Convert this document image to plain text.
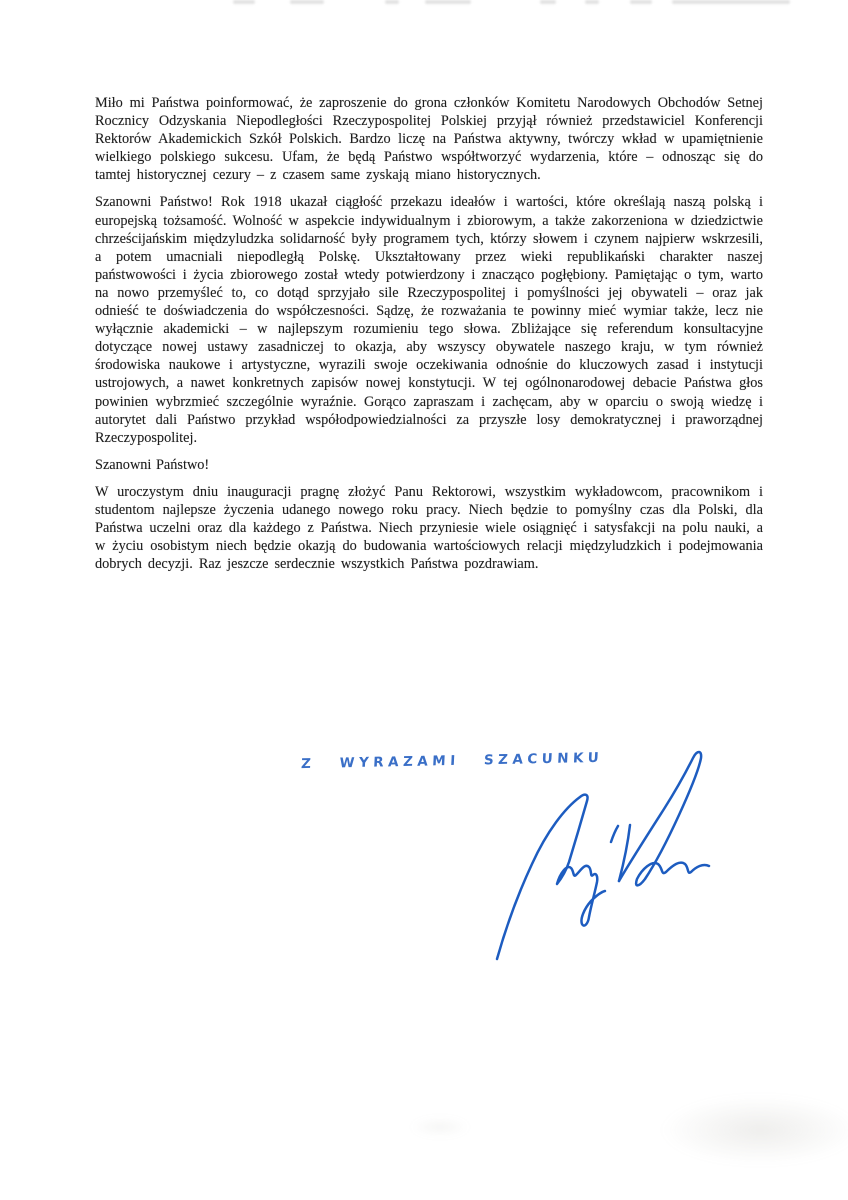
Miło mi Państwa poinformować, że zaproszenie do grona członków Komitetu Narodowych Obchodów Setnej Rocznicy Odzyskania Niepodległości Rzeczypospolitej Polskiej przyjął również przedstawiciel Konferencji Rektorów Akademickich Szkół Polskich. Bardzo liczę na Państwa aktywny, twórczy wkład w upamiętnienie wielkiego polskiego sukcesu. Ufam, że będą Państwo współtworzyć wydarzenia, które – odnosząc się do tamtej historycznej cezury – z czasem same zyskają miano historycznych.

Szanowni Państwo! Rok 1918 ukazał ciągłość przekazu ideałów i wartości, które określają naszą polską i europejską tożsamość. Wolność w aspekcie indywidualnym i zbiorowym, a także zakorzeniona w dziedzictwie chrześcijańskim międzyludzka solidarność były programem tych, którzy słowem i czynem najpierw wskrzesili, a potem umacniali niepodległą Polskę. Ukształtowany przez wieki republikański charakter naszej państwowości i życia zbiorowego został wtedy potwierdzony i znacząco pogłębiony. Pamiętając o tym, warto na nowo przemyśleć to, co dotąd sprzyjało sile Rzeczypospolitej i pomyślności jej obywateli – oraz jak odnieść te doświadczenia do współczesności. Sądzę, że rozważania te powinny mieć wymiar także, lecz nie wyłącznie akademicki – w najlepszym rozumieniu tego słowa. Zbliżające się referendum konsultacyjne dotyczące nowej ustawy zasadniczej to okazja, aby wszyscy obywatele naszego kraju, w tym również środowiska naukowe i artystyczne, wyrazili swoje oczekiwania odnośnie do kluczowych zasad i instytucji ustrojowych, a nawet konkretnych zapisów nowej konstytucji. W tej ogólnonarodowej debacie Państwa głos powinien wybrzmieć szczególnie wyraźnie. Gorąco zapraszam i zachęcam, aby w oparciu o swoją wiedzę i autorytet dali Państwo przykład współodpowiedzialności za przyszłe losy demokratycznej i praworządnej Rzeczypospolitej.

Szanowni Państwo!

W uroczystym dniu inauguracji pragnę złożyć Panu Rektorowi, wszystkim wykładowcom, pracownikom i studentom najlepsze życzenia udanego nowego roku pracy. Niech będzie to pomyślny czas dla Polski, dla Państwa uczelni oraz dla każdego z Państwa. Niech przyniesie wiele osiągnięć i satysfakcji na polu nauki, a w życiu osobistym niech będzie okazją do budowania wartościowych relacji międzyludzkich i podejmowania dobrych decyzji. Raz jeszcze serdecznie wszystkich Państwa pozdrawiam.

Z WYRAZAMI SZACUNKU
